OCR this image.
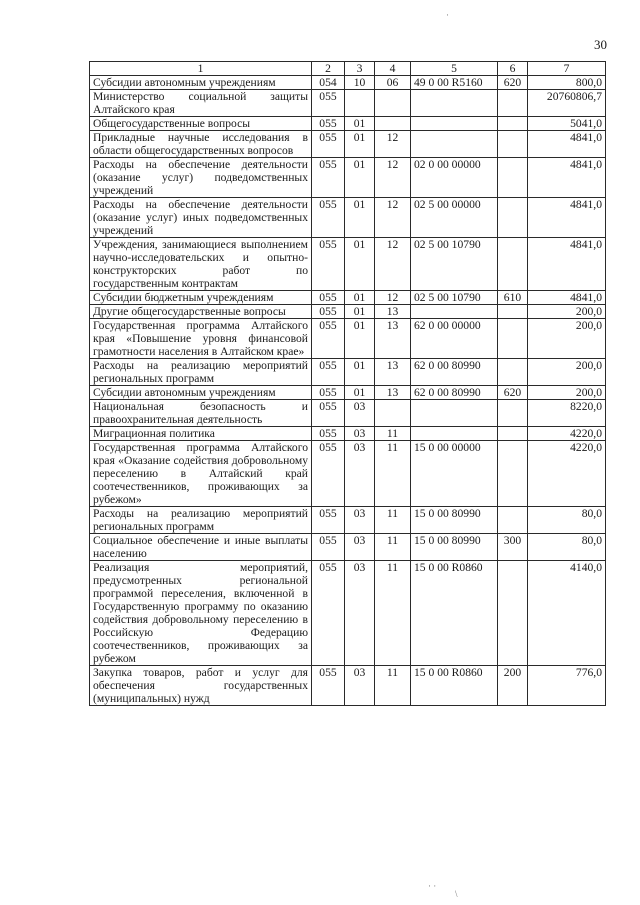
30
1	2	3	4	5	6	7
Субсидии автономным учреждениям	054	10	06	49 0 00 R5160	620	800,0
Министерство социальной защиты Алтайского края	055					20760806,7
Общегосударственные вопросы	055	01				5041,0
Прикладные научные исследования в области общегосударственных вопросов	055	01	12			4841,0
Расходы на обеспечение деятельности (оказание услуг) подведомственных учреждений	055	01	12	02 0 00 00000		4841,0
Расходы на обеспечение деятельности (оказание услуг) иных подведомственных учреждений	055	01	12	02 5 00 00000		4841,0
Учреждения, занимающиеся выполнением научно-исследовательских и опытно-конструкторских работ по государственным контрактам	055	01	12	02 5 00 10790		4841,0
Субсидии бюджетным учреждениям	055	01	12	02 5 00 10790	610	4841,0
Другие общегосударственные вопросы	055	01	13			200,0
Государственная программа Алтайского края «Повышение уровня финансовой грамотности населения в Алтайском крае»	055	01	13	62 0 00 00000		200,0
Расходы на реализацию мероприятий региональных программ	055	01	13	62 0 00 80990		200,0
Субсидии автономным учреждениям	055	01	13	62 0 00 80990	620	200,0
Национальная безопасность и правоохранительная деятельность	055	03				8220,0
Миграционная политика	055	03	11			4220,0
Государственная программа Алтайского края «Оказание содействия добровольному переселению в Алтайский край соотечественников, проживающих за рубежом»	055	03	11	15 0 00 00000		4220,0
Расходы на реализацию мероприятий региональных программ	055	03	11	15 0 00 80990		80,0
Социальное обеспечение и иные выплаты населению	055	03	11	15 0 00 80990	300	80,0
Реализация мероприятий, предусмотренных региональной программой переселения, включенной в Государственную программу по оказанию содействия добровольному переселению в Российскую Федерацию соотечественников, проживающих за рубежом	055	03	11	15 0 00 R0860		4140,0
Закупка товаров, работ и услуг для обеспечения государственных (муниципальных) нужд	055	03	11	15 0 00 R0860	200	776,0
·
· ·
\
